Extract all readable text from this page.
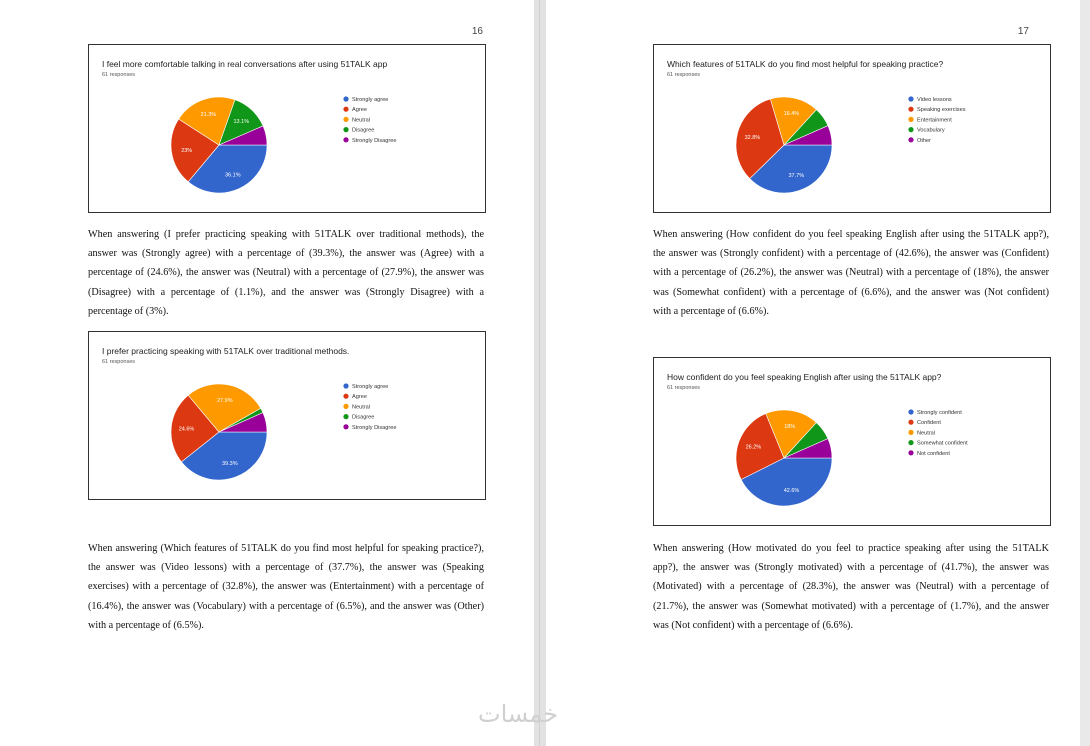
16
I feel more comfortable talking in real conversations after using 51TALK app
61 responses
36.1%
23%
21.3%
13.1%
Strongly agree
Agree
Neutral
Disagree
Strongly Disagree

When answering (I prefer practicing speaking with 51TALK over traditional methods), the answer was (Strongly agree) with a percentage of (39.3%), the answer was (Agree) with a percentage of (24.6%), the answer was (Neutral) with a percentage of (27.9%), the answer was (Disagree) with a percentage of (1.1%), and the answer was (Strongly Disagree) with a percentage of (3%).

I prefer practicing speaking with 51TALK over traditional methods.
61 responses
39.3%
24.6%
27.9%
Strongly agree
Agree
Neutral
Disagree
Strongly Disagree

When answering (Which features of 51TALK do you find most helpful for speaking practice?), the answer was (Video lessons) with a percentage of (37.7%), the answer was (Speaking exercises) with a percentage of (32.8%), the answer was (Entertainment) with a percentage of (16.4%), the answer was (Vocabulary) with a percentage of (6.5%), and the answer was (Other) with a percentage of (6.5%).

17
Which features of 51TALK do you find most helpful for speaking practice?
61 responses
37.7%
32.8%
16.4%
Video lessons
Speaking exercises
Entertainment
Vocabulary
Other

When answering (How confident do you feel speaking English after using the 51TALK app?), the answer was (Strongly confident) with a percentage of (42.6%), the answer was (Confident) with a percentage of (26.2%), the answer was (Neutral) with a percentage of (18%), the answer was (Somewhat confident) with a percentage of (6.6%), and the answer was (Not confident) with a percentage of (6.6%).

How confident do you feel speaking English after using the 51TALK app?
61 responses
42.6%
26.2%
18%
Strongly confident
Confident
Neutral
Somewhat confident
Not confident

When answering (How motivated do you feel to practice speaking after using the 51TALK app?), the answer was (Strongly motivated) with a percentage of (41.7%), the answer was (Motivated) with a percentage of (28.3%), the answer was (Neutral) with a percentage of (21.7%), the answer was (Somewhat motivated) with a percentage of (1.7%), and the answer was (Not confident) with a percentage of (6.6%).

خمسات
